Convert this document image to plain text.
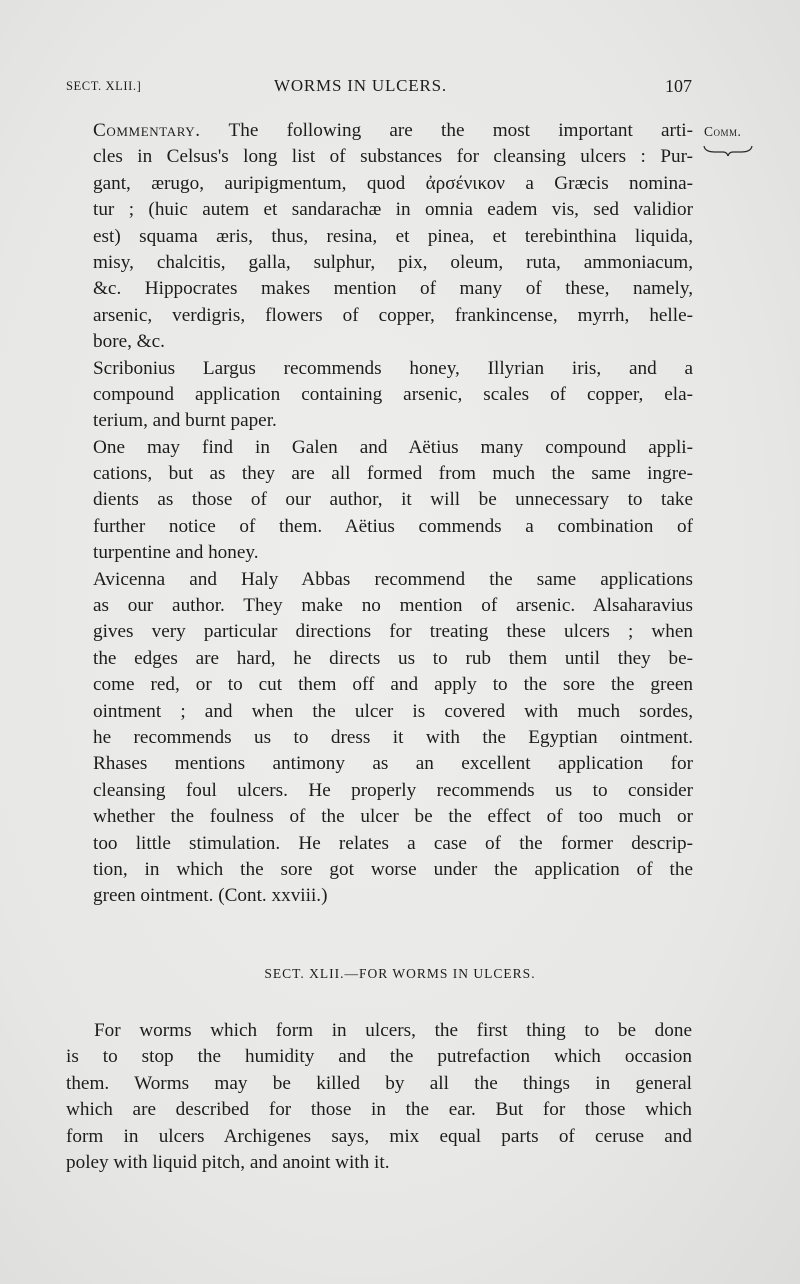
SECT. XLII.]	WORMS IN ULCERS.	107
Comm.
Commentary. The following are the most important arti-
cles in Celsus's long list of substances for cleansing ulcers : Pur-
gant, ærugo, auripigmentum, quod ἀρσένικον a Græcis nomina-
tur ; (huic autem et sandarachæ in omnia eadem vis, sed validior
est) squama æris, thus, resina, et pinea, et terebinthina liquida,
misy, chalcitis, galla, sulphur, pix, oleum, ruta, ammoniacum,
&c. Hippocrates makes mention of many of these, namely,
arsenic, verdigris, flowers of copper, frankincense, myrrh, helle-
bore, &c.
Scribonius Largus recommends honey, Illyrian iris, and a
compound application containing arsenic, scales of copper, ela-
terium, and burnt paper.
One may find in Galen and Aëtius many compound appli-
cations, but as they are all formed from much the same ingre-
dients as those of our author, it will be unnecessary to take
further notice of them. Aëtius commends a combination of
turpentine and honey.
Avicenna and Haly Abbas recommend the same applications
as our author. They make no mention of arsenic. Alsaharavius
gives very particular directions for treating these ulcers ; when
the edges are hard, he directs us to rub them until they be-
come red, or to cut them off and apply to the sore the green
ointment ; and when the ulcer is covered with much sordes,
he recommends us to dress it with the Egyptian ointment.
Rhases mentions antimony as an excellent application for
cleansing foul ulcers. He properly recommends us to consider
whether the foulness of the ulcer be the effect of too much or
too little stimulation. He relates a case of the former descrip-
tion, in which the sore got worse under the application of the
green ointment. (Cont. xxviii.)
SECT. XLII.—FOR WORMS IN ULCERS.
For worms which form in ulcers, the first thing to be done
is to stop the humidity and the putrefaction which occasion
them. Worms may be killed by all the things in general
which are described for those in the ear. But for those which
form in ulcers Archigenes says, mix equal parts of ceruse and
poley with liquid pitch, and anoint with it.
